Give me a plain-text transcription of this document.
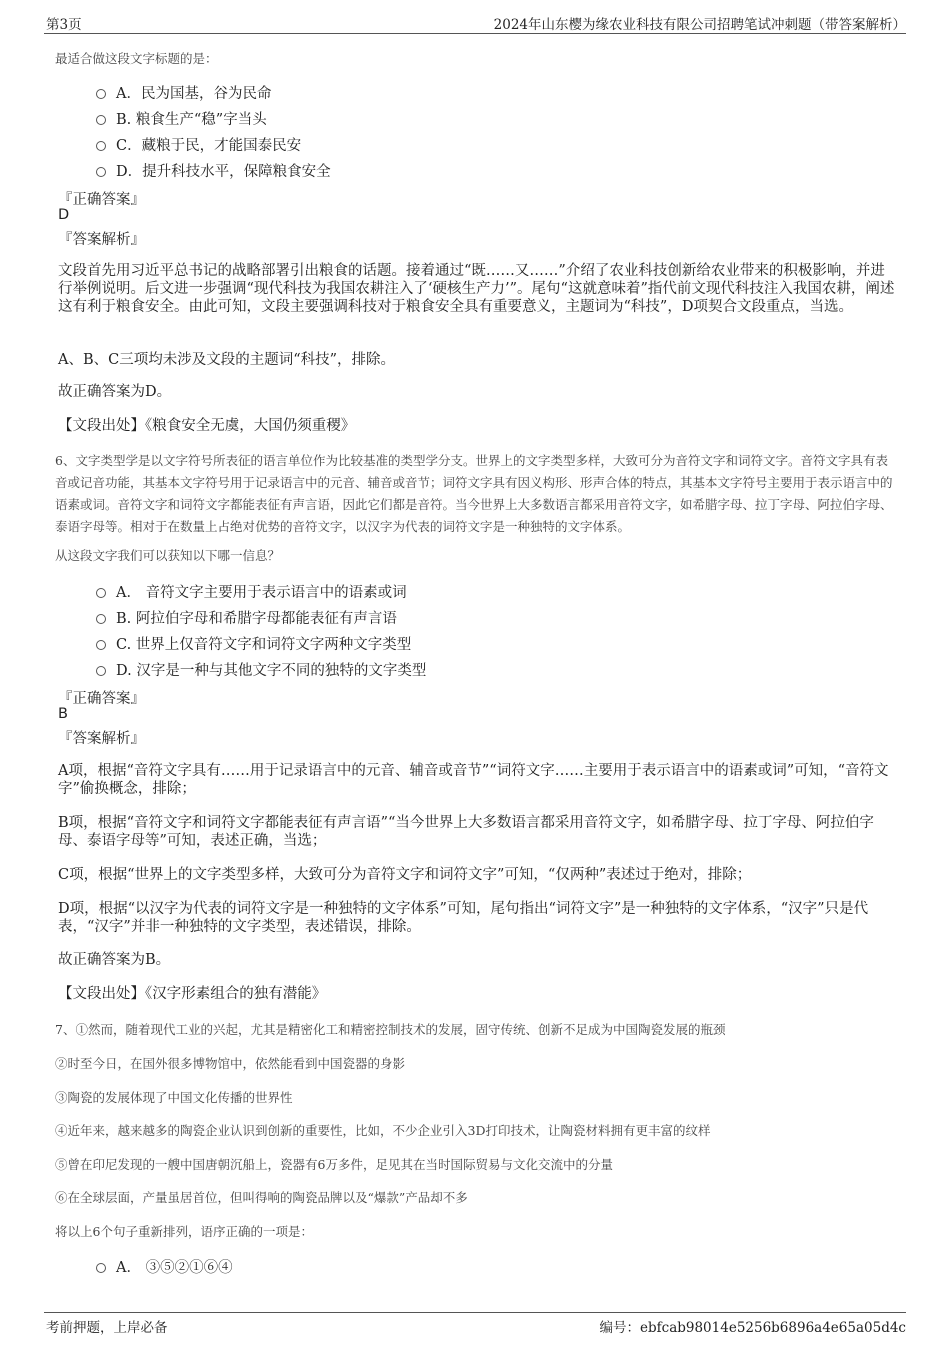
第3页	2024年山东樱为缘农业科技有限公司招聘笔试冲刺题（带答案解析）
最适合做这段文字标题的是：
A．民为国基，谷为民命
B. 粮食生产“稳”字当头
C．藏粮于民，才能国泰民安
D．提升科技水平，保障粮食安全
『正确答案』
D
『答案解析』
文段首先用习近平总书记的战略部署引出粮食的话题。接着通过“既……又……”介绍了农业科技创新给农业带来的积极影响，并进行举例说明。后文进一步强调“现代科技为我国农耕注入了‘硬核生产力’”。尾句“这就意味着”指代前文现代科技注入我国农耕，阐述这有利于粮食安全。由此可知，文段主要强调科技对于粮食安全具有重要意义，主题词为“科技”，D项契合文段重点，当选。
A、B、C三项均未涉及文段的主题词“科技”，排除。
故正确答案为D。
【文段出处】《粮食安全无虞，大国仍须重稷》
6、文字类型学是以文字符号所表征的语言单位作为比较基准的类型学分支。世界上的文字类型多样，大致可分为音符文字和词符文字。音符文字具有表音或记音功能，其基本文字符号用于记录语言中的元音、辅音或音节；词符文字具有因义构形、形声合体的特点，其基本文字符号主要用于表示语言中的语素或词。音符文字和词符文字都能表征有声言语，因此它们都是音符。当今世界上大多数语言都采用音符文字，如希腊字母、拉丁字母、阿拉伯字母、泰语字母等。相对于在数量上占绝对优势的音符文字，以汉字为代表的词符文字是一种独特的文字体系。
从这段文字我们可以获知以下哪一信息？
A． 音符文字主要用于表示语言中的语素或词
B. 阿拉伯字母和希腊字母都能表征有声言语
C. 世界上仅音符文字和词符文字两种文字类型
D. 汉字是一种与其他文字不同的独特的文字类型
『正确答案』
B
『答案解析』
A项，根据“音符文字具有……用于记录语言中的元音、辅音或音节”“词符文字……主要用于表示语言中的语素或词”可知，“音符文字”偷换概念，排除；
B项，根据“音符文字和词符文字都能表征有声言语”“当今世界上大多数语言都采用音符文字，如希腊字母、拉丁字母、阿拉伯字母、泰语字母等”可知，表述正确，当选；
C项，根据“世界上的文字类型多样，大致可分为音符文字和词符文字”可知，“仅两种”表述过于绝对，排除；
D项，根据“以汉字为代表的词符文字是一种独特的文字体系”可知，尾句指出“词符文字”是一种独特的文字体系，“汉字”只是代表，“汉字”并非一种独特的文字类型，表述错误，排除。
故正确答案为B。
【文段出处】《汉字形素组合的独有潜能》
7、①然而，随着现代工业的兴起，尤其是精密化工和精密控制技术的发展，固守传统、创新不足成为中国陶瓷发展的瓶颈
②时至今日，在国外很多博物馆中，依然能看到中国瓷器的身影
③陶瓷的发展体现了中国文化传播的世界性
④近年来，越来越多的陶瓷企业认识到创新的重要性，比如，不少企业引入3D打印技术，让陶瓷材料拥有更丰富的纹样
⑤曾在印尼发现的一艘中国唐朝沉船上，瓷器有6万多件，足见其在当时国际贸易与文化交流中的分量
⑥在全球层面，产量虽居首位，但叫得响的陶瓷品牌以及“爆款”产品却不多
将以上6个句子重新排列，语序正确的一项是：
A． ③⑤②①⑥④
考前押题，上岸必备	编号：ebfcab98014e5256b6896a4e65a05d4c
